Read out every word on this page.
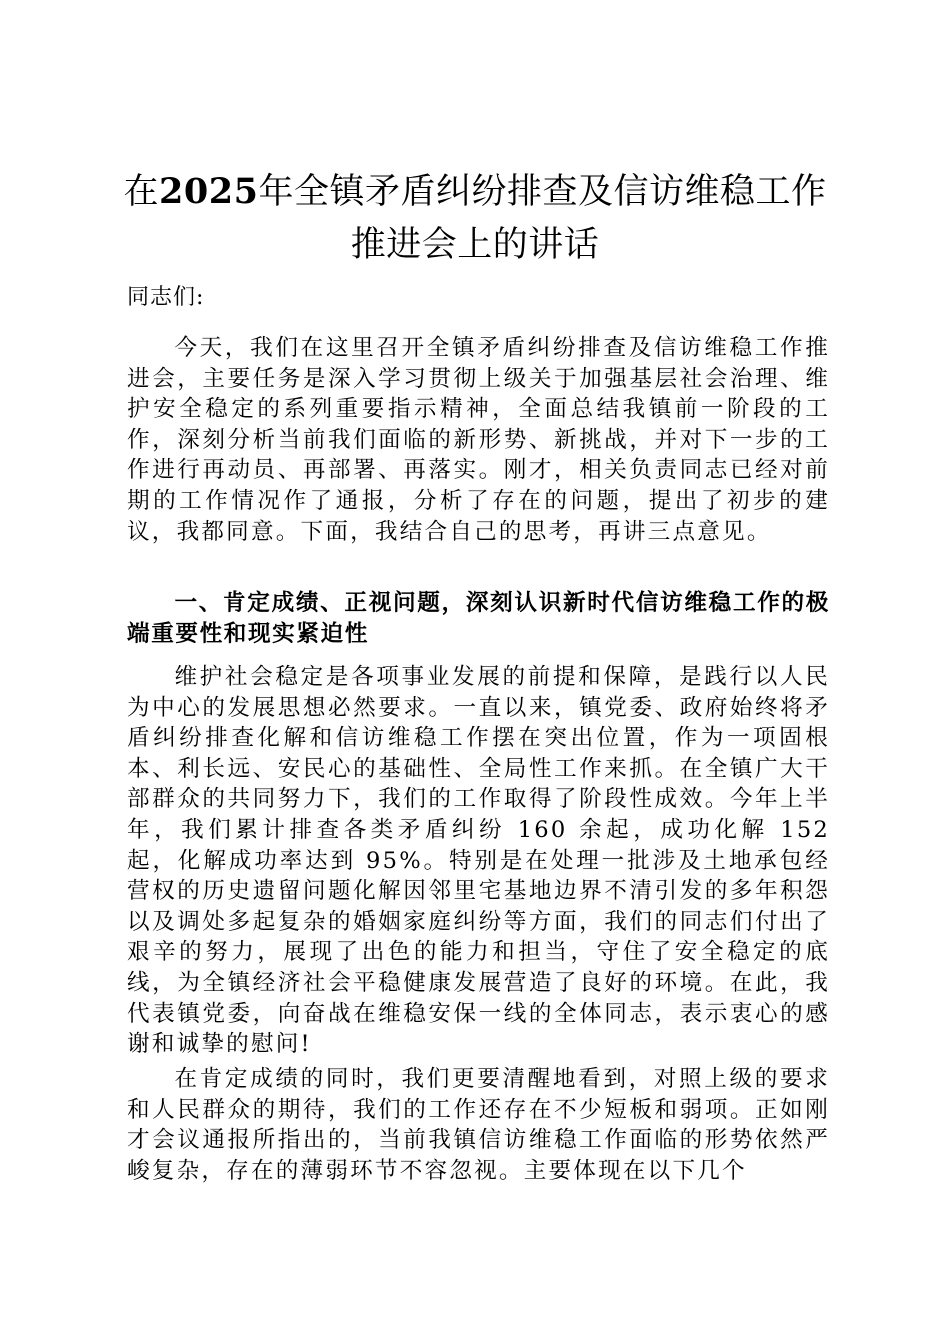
在2025年全镇矛盾纠纷排查及信访维稳工作
推进会上的讲话

同志们:

今天，我们在这里召开全镇矛盾纠纷排查及信访维稳工作推进会，主要任务是深入学习贯彻上级关于加强基层社会治理、维护安全稳定的系列重要指示精神，全面总结我镇前一阶段的工作，深刻分析当前我们面临的新形势、新挑战，并对下一步的工作进行再动员、再部署、再落实。刚才，相关负责同志已经对前期的工作情况作了通报，分析了存在的问题，提出了初步的建议，我都同意。下面，我结合自己的思考，再讲三点意见。

一、肯定成绩、正视问题，深刻认识新时代信访维稳工作的极端重要性和现实紧迫性

维护社会稳定是各项事业发展的前提和保障，是践行以人民为中心的发展思想必然要求。一直以来，镇党委、政府始终将矛盾纠纷排查化解和信访维稳工作摆在突出位置，作为一项固根本、利长远、安民心的基础性、全局性工作来抓。在全镇广大干部群众的共同努力下，我们的工作取得了阶段性成效。今年上半年，我们累计排查各类矛盾纠纷 160 余起，成功化解 152 起，化解成功率达到 95%。特别是在处理一批涉及土地承包经营权的历史遗留问题化解因邻里宅基地边界不清引发的多年积怨以及调处多起复杂的婚姻家庭纠纷等方面，我们的同志们付出了艰辛的努力，展现了出色的能力和担当，守住了安全稳定的底线，为全镇经济社会平稳健康发展营造了良好的环境。在此，我代表镇党委，向奋战在维稳安保一线的全体同志，表示衷心的感谢和诚挚的慰问!

在肯定成绩的同时，我们更要清醒地看到，对照上级的要求和人民群众的期待，我们的工作还存在不少短板和弱项。正如刚才会议通报所指出的，当前我镇信访维稳工作面临的形势依然严峻复杂，存在的薄弱环节不容忽视。主要体现在以下几个
